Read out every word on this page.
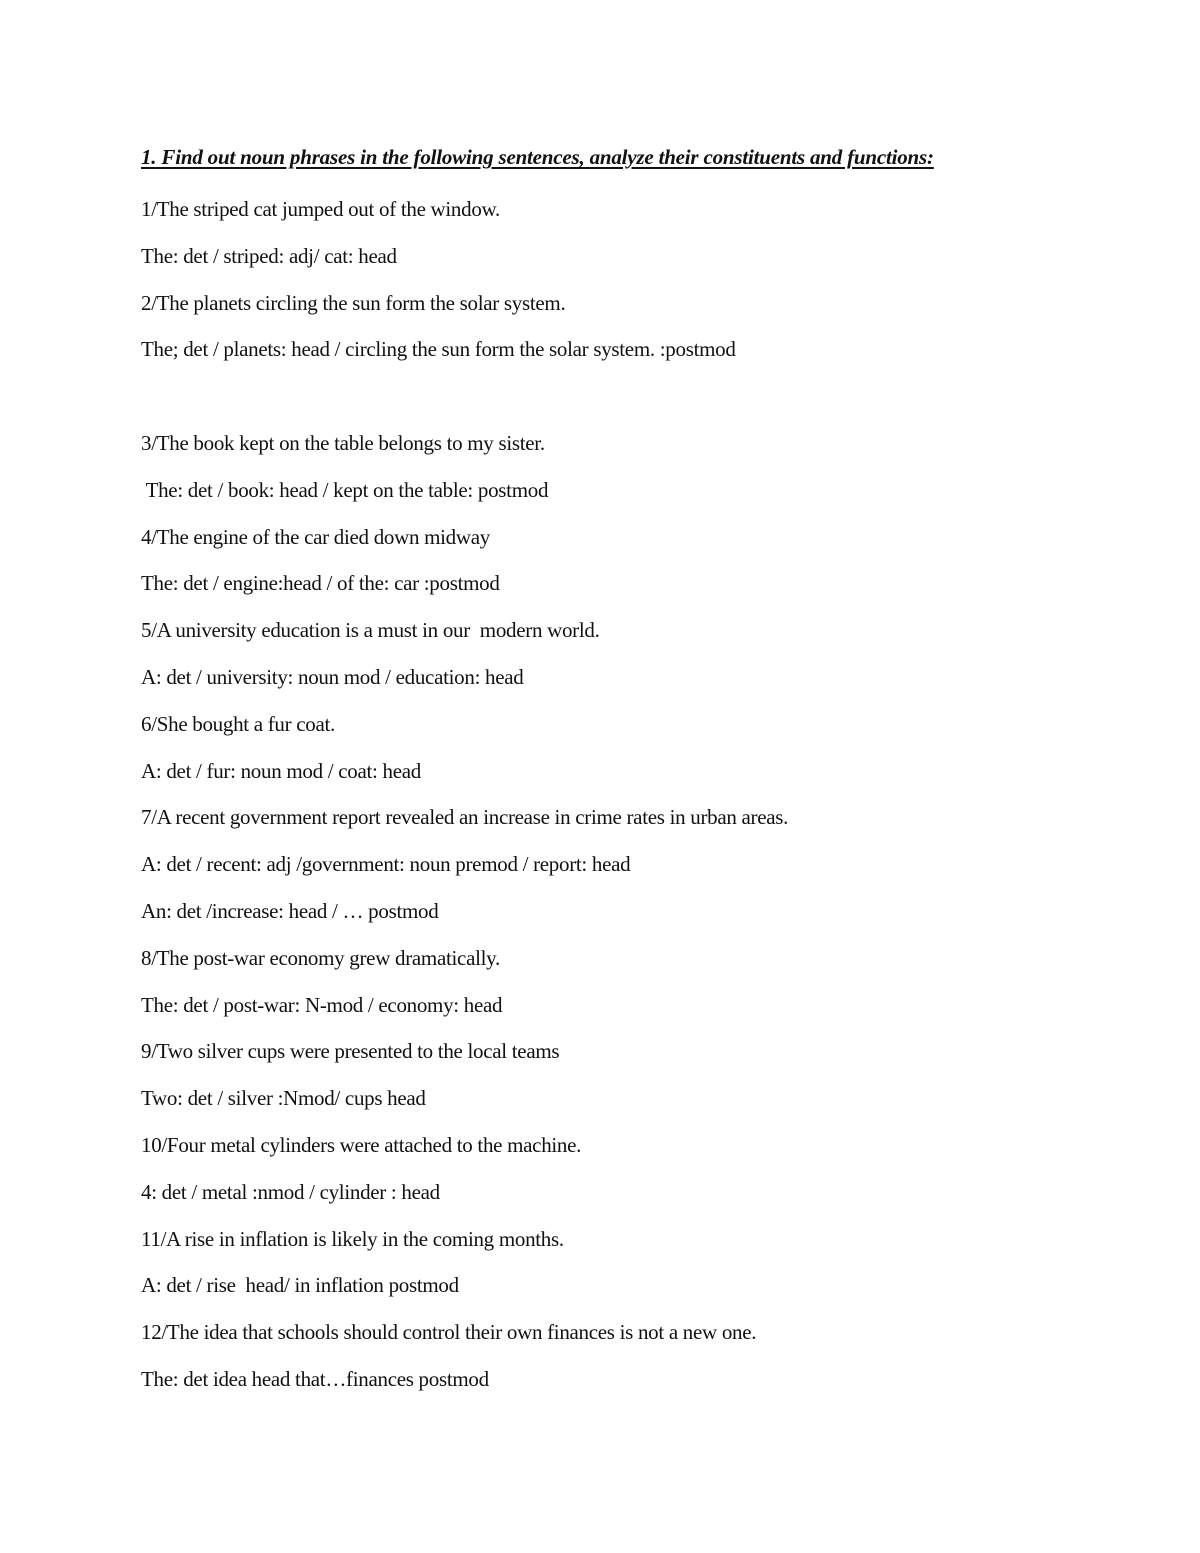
1. Find out noun phrases in the following sentences, analyze their constituents and functions:

1/The striped cat jumped out of the window.

The: det / striped: adj/ cat: head

2/The planets circling the sun form the solar system.

The; det / planets: head / circling the sun form the solar system. :postmod

3/The book kept on the table belongs to my sister.

The: det / book: head / kept on the table: postmod

4/The engine of the car died down midway

The: det / engine:head / of the: car :postmod

5/A university education is a must in our  modern world.

A: det / university: noun mod / education: head

6/She bought a fur coat.

A: det / fur: noun mod / coat: head

7/A recent government report revealed an increase in crime rates in urban areas.

A: det / recent: adj /government: noun premod / report: head

An: det /increase: head / … postmod

8/The post-war economy grew dramatically.

The: det / post-war: N-mod / economy: head

9/Two silver cups were presented to the local teams

Two: det / silver :Nmod/ cups head

10/Four metal cylinders were attached to the machine.

4: det / metal :nmod / cylinder : head

11/A rise in inflation is likely in the coming months.

A: det / rise  head/ in inflation postmod

12/The idea that schools should control their own finances is not a new one.

The: det idea head that…finances postmod
